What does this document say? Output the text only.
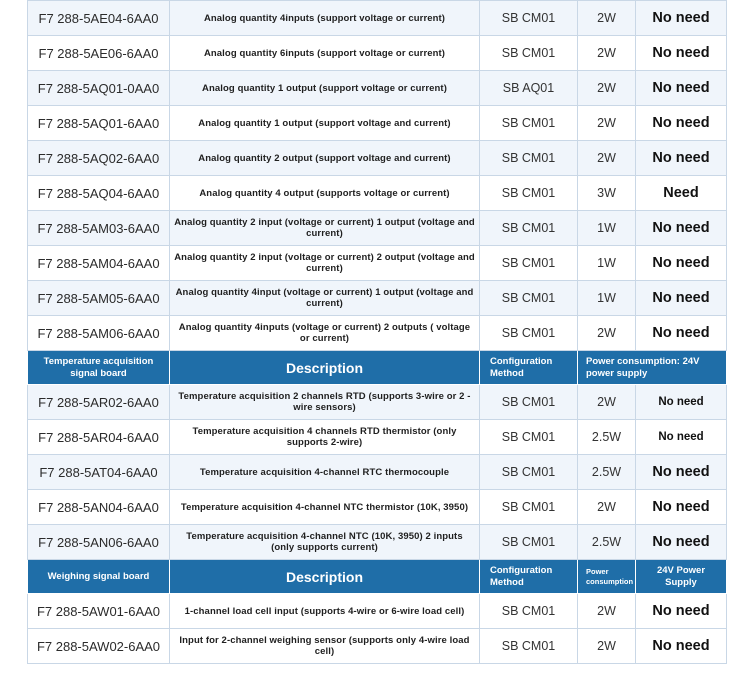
F7 288-5AE04-6AA0	Analog quantity 4inputs (support voltage or current)	SB CM01	2W	No need
F7 288-5AE06-6AA0	Analog quantity 6inputs (support voltage or current)	SB CM01	2W	No need
F7 288-5AQ01-0AA0	Analog quantity 1 output (support voltage or current)	SB AQ01	2W	No need
F7 288-5AQ01-6AA0	Analog quantity 1 output (support voltage and current)	SB CM01	2W	No need
F7 288-5AQ02-6AA0	Analog quantity 2 output (support voltage and current)	SB CM01	2W	No need
F7 288-5AQ04-6AA0	Analog quantity 4 output (supports voltage or current)	SB CM01	3W	Need
F7 288-5AM03-6AA0	Analog quantity 2 input (voltage or current) 1 output (voltage and current)	SB CM01	1W	No need
F7 288-5AM04-6AA0	Analog quantity 2 input (voltage or current) 2 output (voltage and current)	SB CM01	1W	No need
F7 288-5AM05-6AA0	Analog quantity 4input (voltage or current) 1 output (voltage and current)	SB CM01	1W	No need
F7 288-5AM06-6AA0	Analog quantity 4inputs (voltage or current) 2 outputs ( voltage or current)	SB CM01	2W	No need
Temperature acquisition signal board	Description	Configuration Method	Power consumption: 24V power supply	
F7 288-5AR02-6AA0	Temperature acquisition 2 channels RTD (supports 3-wire or 2 -wire sensors)	SB CM01	2W	No need
F7 288-5AR04-6AA0	Temperature acquisition 4 channels RTD thermistor (only supports 2-wire)	SB CM01	2.5W	No need
F7 288-5AT04-6AA0	Temperature acquisition 4-channel RTC thermocouple	SB CM01	2.5W	No need
F7 288-5AN04-6AA0	Temperature acquisition 4-channel NTC thermistor (10K, 3950)	SB CM01	2W	No need
F7 288-5AN06-6AA0	Temperature acquisition 4-channel NTC (10K, 3950) 2 inputs (only supports current)	SB CM01	2.5W	No need
Weighing signal board	Description	Configuration Method	Power consumption	24V Power Supply
F7 288-5AW01-6AA0	1-channel load cell input (supports 4-wire or 6-wire load cell)	SB CM01	2W	No need
F7 288-5AW02-6AA0	Input for 2-channel weighing sensor (supports only 4-wire load cell)	SB CM01	2W	No need
